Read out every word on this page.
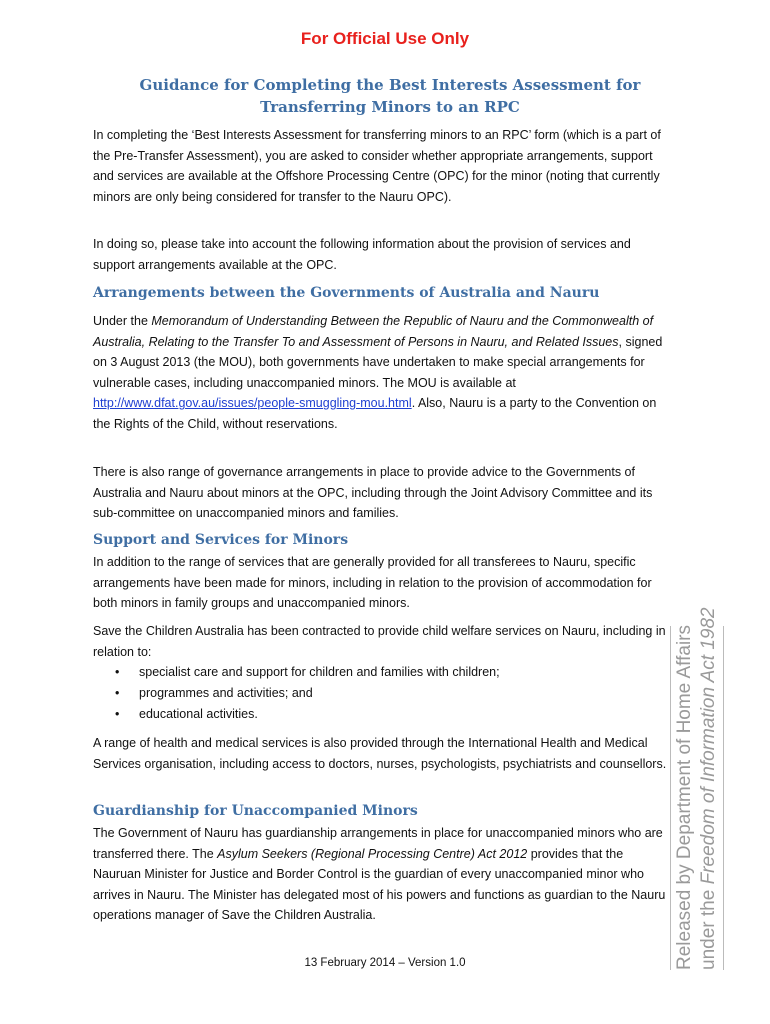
For Official Use Only
Guidance for Completing the Best Interests Assessment for
Transferring Minors to an RPC

In completing the ‘Best Interests Assessment for transferring minors to an RPC’ form (which is a part of the Pre-Transfer Assessment), you are asked to consider whether appropriate arrangements, support and services are available at the Offshore Processing Centre (OPC) for the minor (noting that currently minors are only being considered for transfer to the Nauru OPC).

In doing so, please take into account the following information about the provision of services and support arrangements available at the OPC.

Arrangements between the Governments of Australia and Nauru

Under the Memorandum of Understanding Between the Republic of Nauru and the Commonwealth of Australia, Relating to the Transfer To and Assessment of Persons in Nauru, and Related Issues, signed on 3 August 2013 (the MOU), both governments have undertaken to make special arrangements for vulnerable cases, including unaccompanied minors. The MOU is available at http://www.dfat.gov.au/issues/people-smuggling-mou.html. Also, Nauru is a party to the Convention on the Rights of the Child, without reservations.

There is also range of governance arrangements in place to provide advice to the Governments of Australia and Nauru about minors at the OPC, including through the Joint Advisory Committee and its sub-committee on unaccompanied minors and families.

Support and Services for Minors

In addition to the range of services that are generally provided for all transferees to Nauru, specific arrangements have been made for minors, including in relation to the provision of accommodation for both minors in family groups and unaccompanied minors.

Save the Children Australia has been contracted to provide child welfare services on Nauru, including in relation to:

• specialist care and support for children and families with children;
• programmes and activities; and
• educational activities.

A range of health and medical services is also provided through the International Health and Medical Services organisation, including access to doctors, nurses, psychologists, psychiatrists and counsellors.

Guardianship for Unaccompanied Minors

The Government of Nauru has guardianship arrangements in place for unaccompanied minors who are transferred there. The Asylum Seekers (Regional Processing Centre) Act 2012 provides that the Nauruan Minister for Justice and Border Control is the guardian of every unaccompanied minor who arrives in Nauru. The Minister has delegated most of his powers and functions as guardian to the Nauru operations manager of Save the Children Australia.

13 February 2014 – Version 1.0	Released by Department of Home Affairs under the Freedom of Information Act 1982
